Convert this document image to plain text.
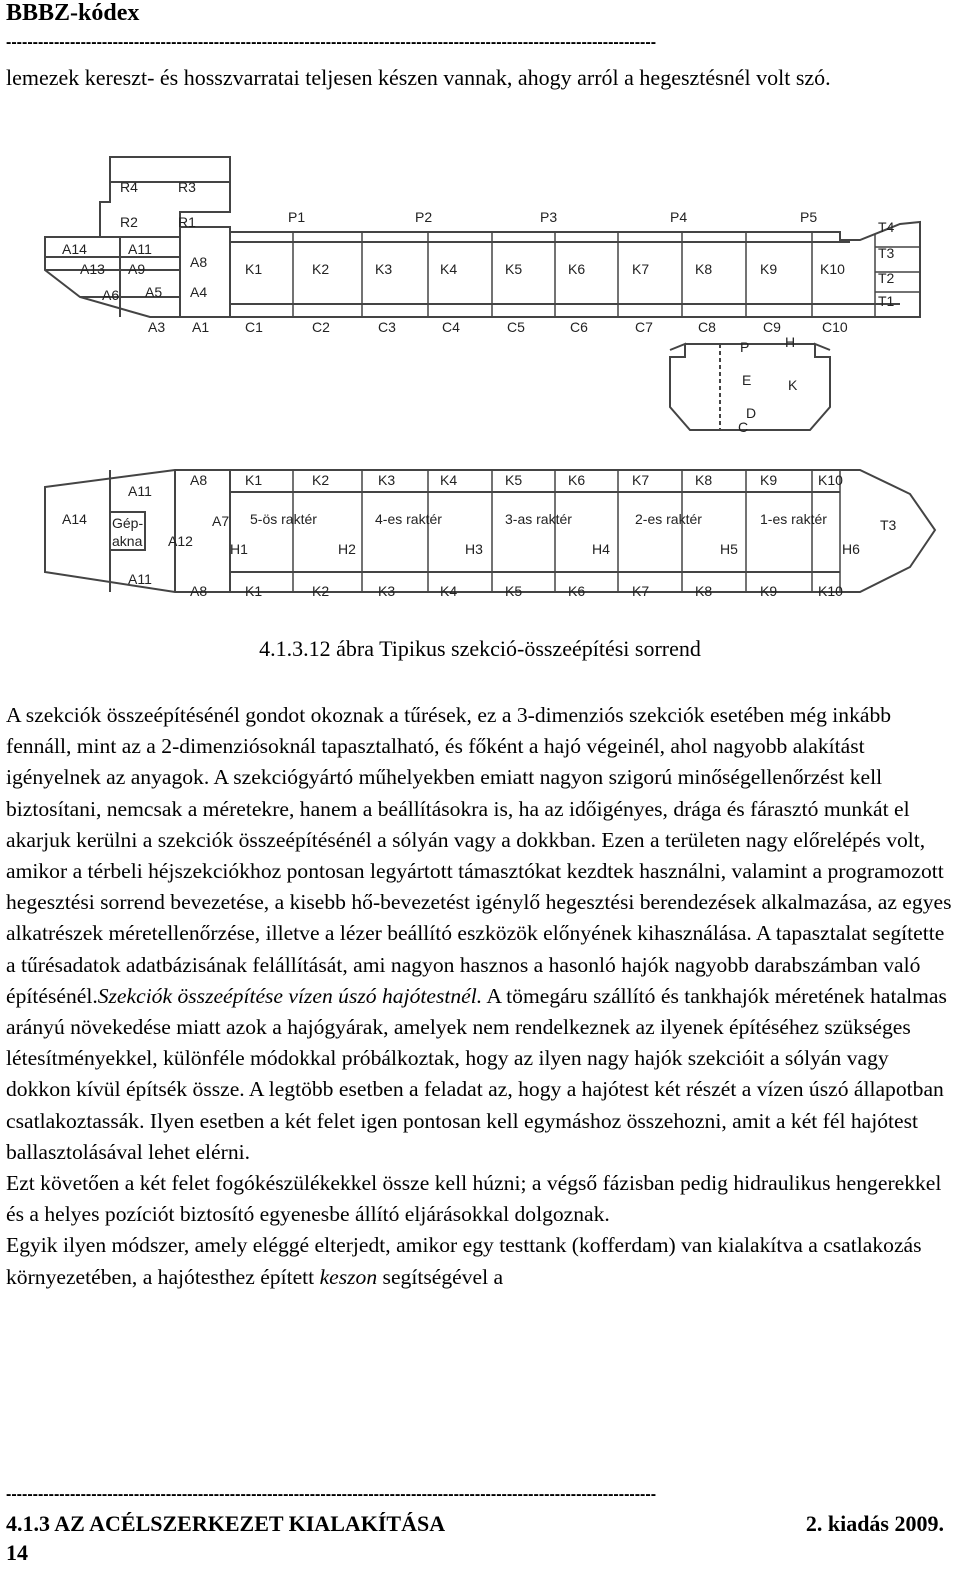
BBBZ-kódex
--------------------------------------------------------------------------------------------------------------------------
lemezek kereszt- és hosszvarratai teljesen készen vannak, ahogy arról a hegesztésnél volt szó.
P1	P2	P3	P4	P5
K1	K2	K3	K4	K5	K6	K7	K8	K9	K10
C1	C2	C3	C4	C5	C6	C7	C8	C9	C10
R4	R3
R2	R1
A14	A11
A13 A9	A8
A6 A5 A4
A3 A1
T4
T3
T2
T1
P	H
E	K
D
C
K1	K2	K3	K4	K5	K6	K7	K8	K9	K10
K1	K2	K3	K4	K5	K6	K7	K8	K9	K10
5-ös raktér	4-es raktér	3-as raktér	2-es raktér	1-es raktér
H1	H2	H3	H4	H5	H6
A11
A14 Gép-
akna A12
A7
A11
A8
A8
T3
4.1.3.12 ábra Tipikus szekció-összeépítési sorrend

A szekciók összeépítésénél gondot okoznak a tűrések, ez a 3-dimenziós szekciók esetében még inkább fennáll, mint az a 2-dimenziósoknál tapasztalható, és főként a hajó végeinél, ahol nagyobb alakítást igényelnek az anyagok. A szekciógyártó műhelyekben emiatt nagyon szigorú minőségellenőrzést kell biztosítani, nemcsak a méretekre, hanem a beállításokra is, ha az időigényes, drága és fárasztó munkát el akarjuk kerülni a szekciók összeépítésénél a sólyán vagy a dokkban. Ezen a területen nagy előrelépés volt, amikor a térbeli héjszekciókhoz pontosan legyártott támasztókat kezdtek használni, valamint a programozott hegesztési sorrend bevezetése, a kisebb hő-bevezetést igénylő hegesztési berendezések alkalmazása, az egyes alkatrészek méretellenőrzése, illetve a lézer beállító eszközök előnyének kihasználása. A tapasztalat segítette a tűrésadatok adatbázisának felállítását, ami nagyon hasznos a hasonló hajók nagyobb darabszámban való építésénél.Szekciók összeépítése vízen úszó hajótestnél. A tömegáru szállító és tankhajók méretének hatalmas arányú növekedése miatt azok a hajógyárak, amelyek nem rendelkeznek az ilyenek építéséhez szükséges létesítményekkel, különféle módokkal próbálkoztak, hogy az ilyen nagy hajók szekcióit a sólyán vagy dokkon kívül építsék össze. A legtöbb esetben a feladat az, hogy a hajótest két részét a vízen úszó állapotban csatlakoztassák. Ilyen esetben a két felet igen pontosan kell egymáshoz összehozni, amit a két fél hajótest ballasztolásával lehet elérni.

Ezt követően a két felet fogókészülékekkel össze kell húzni; a végső fázisban pedig hidraulikus hengerekkel és a helyes pozíciót biztosító egyenesbe állító eljárásokkal dolgoznak.

Egyik ilyen módszer, amely eléggé elterjedt, amikor egy testtank (kofferdam) van kialakítva a csatlakozás környezetében, a hajótesthez épített keszon segítségével a

--------------------------------------------------------------------------------------------------------------------------
4.1.3 AZ ACÉLSZERKEZET KIALAKÍTÁSA	2. kiadás 2009.
14
